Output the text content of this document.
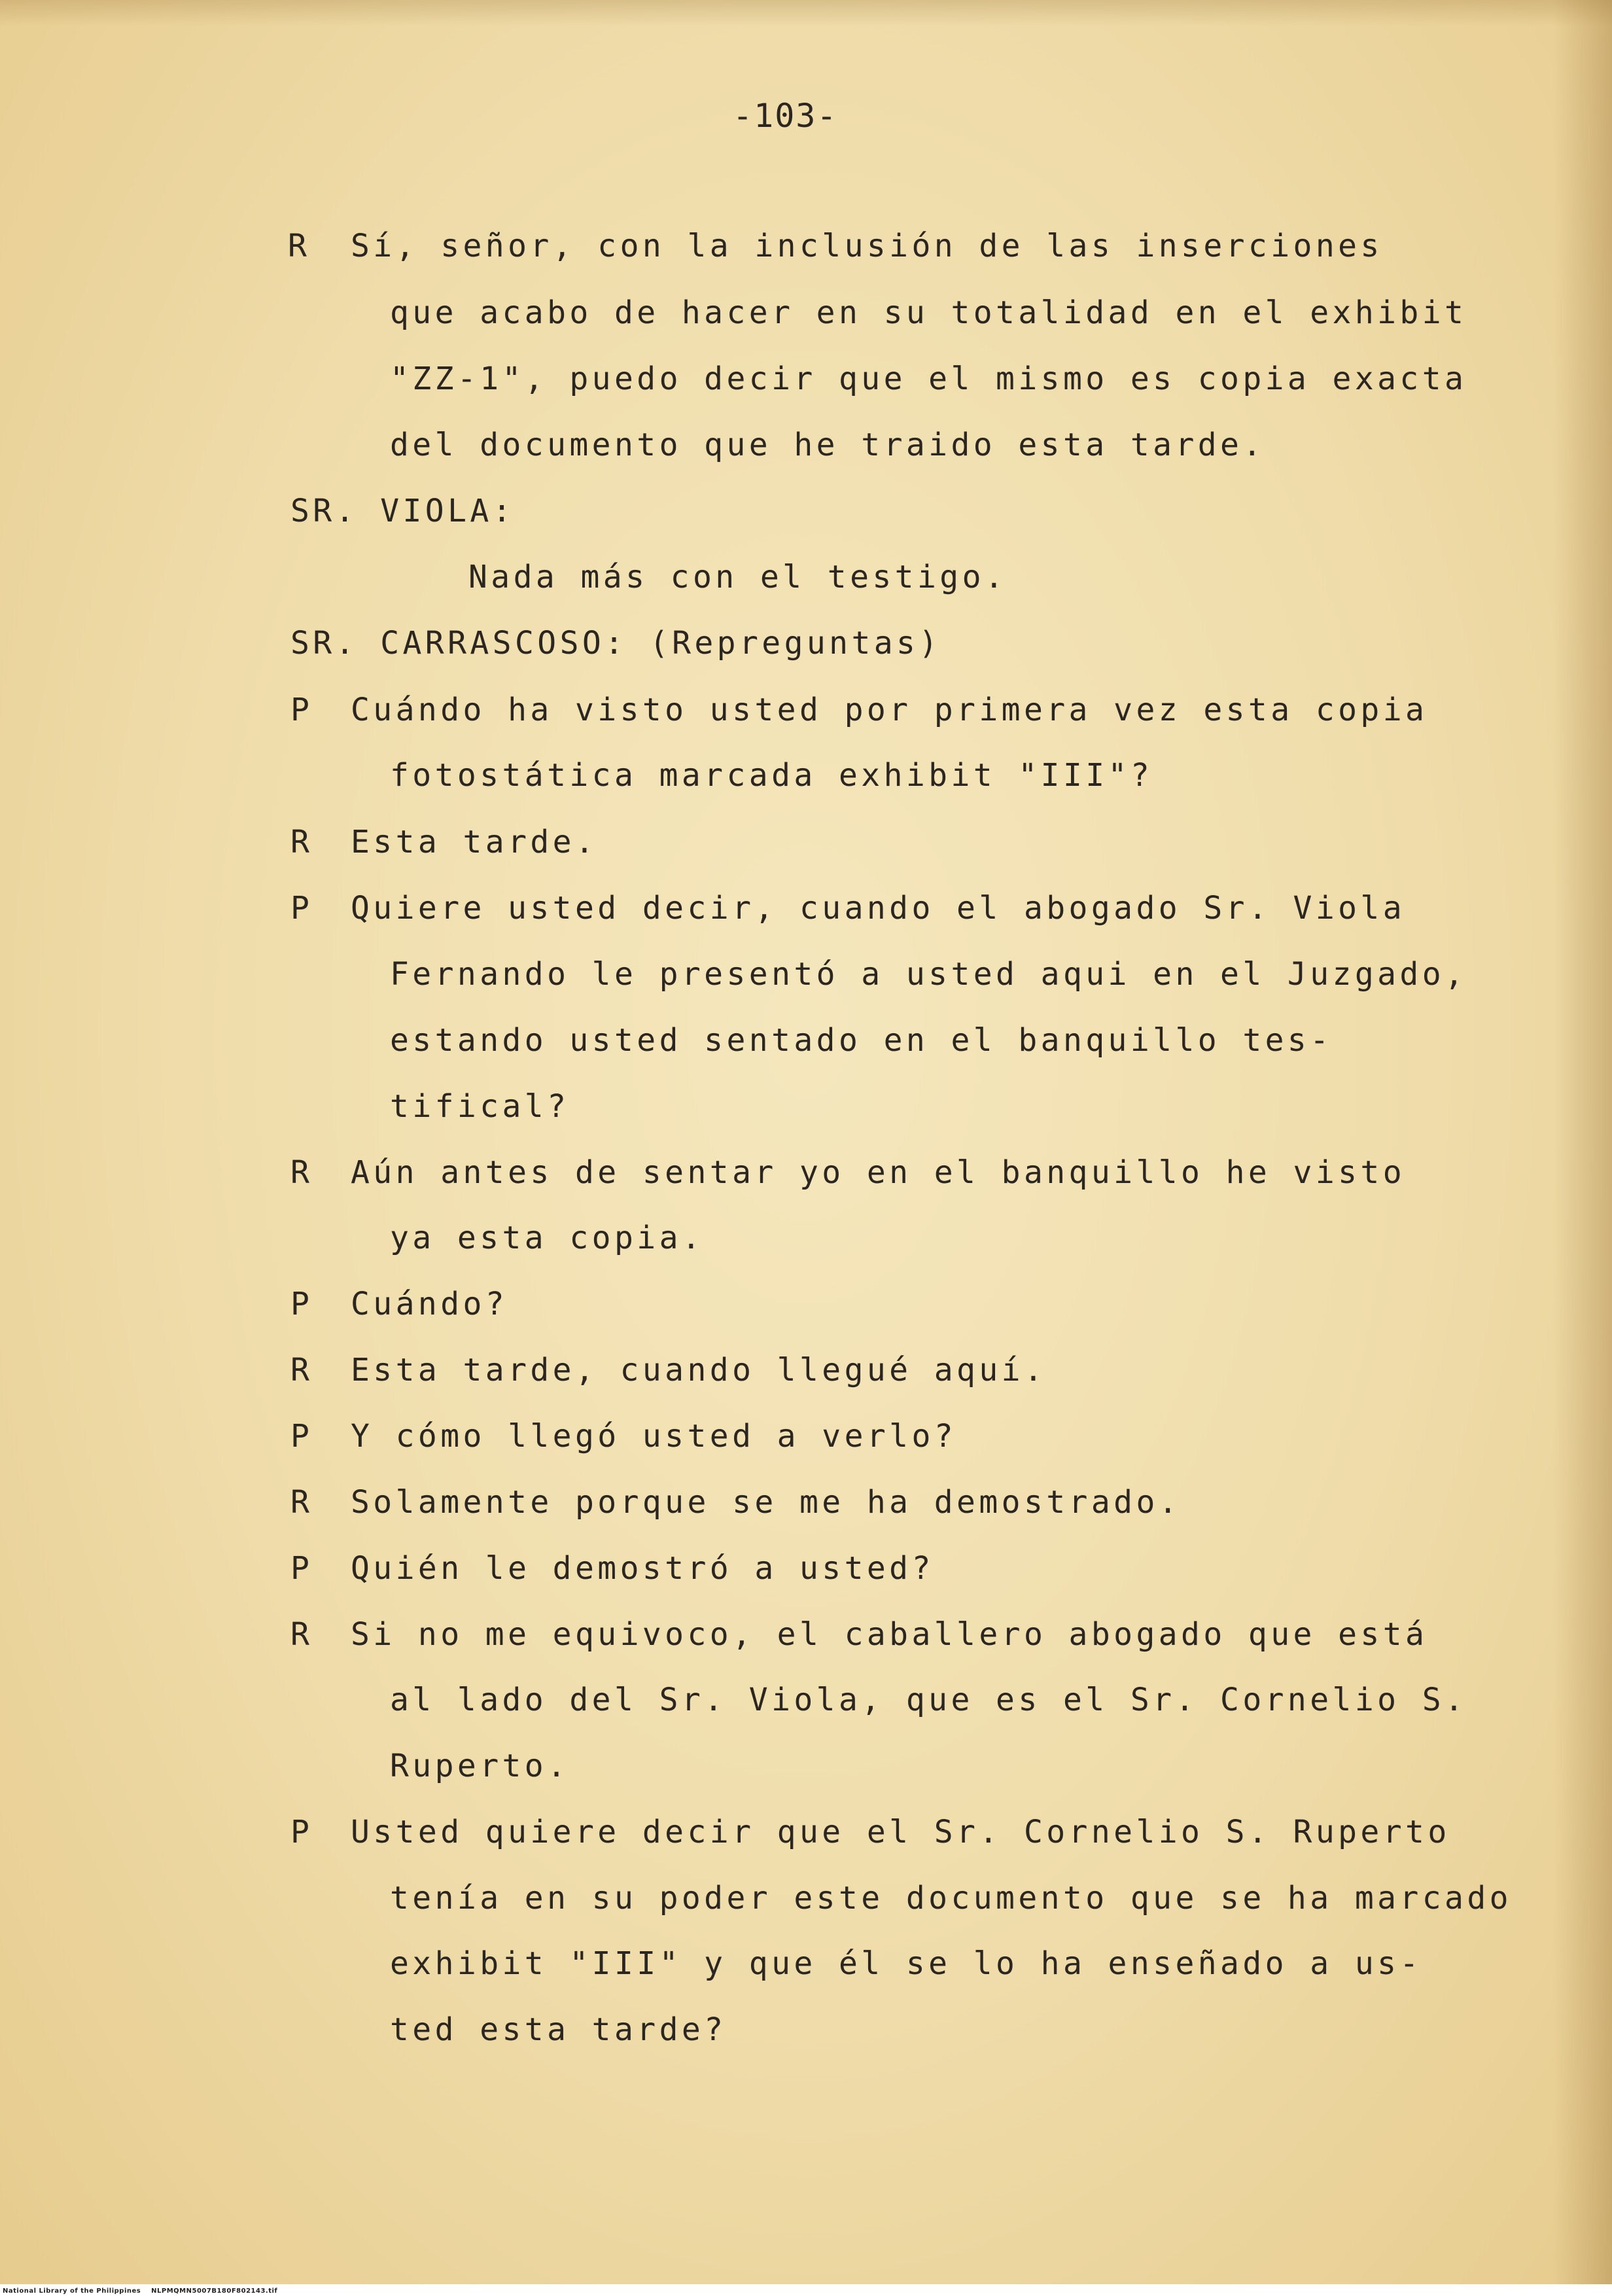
-103-
R Sí, señor, con la inclusión de las inserciones
que acabo de hacer en su totalidad en el exhibit
"ZZ-1", puedo decir que el mismo es copia exacta
del documento que he traido esta tarde.
SR. VIOLA:
Nada más con el testigo.
SR. CARRASCOSO: (Repreguntas)
P Cuándo ha visto usted por primera vez esta copia
fotostática marcada exhibit "III"?
R Esta tarde.
P Quiere usted decir, cuando el abogado Sr. Viola
Fernando le presentó a usted aqui en el Juzgado,
estando usted sentado en el banquillo tes-
tifical?
R Aún antes de sentar yo en el banquillo he visto
ya esta copia.
P Cuándo?
R Esta tarde, cuando llegué aquí.
P Y cómo llegó usted a verlo?
R Solamente porque se me ha demostrado.
P Quién le demostró a usted?
R Si no me equivoco, el caballero abogado que está
al lado del Sr. Viola, que es el Sr. Cornelio S.
Ruperto.
P Usted quiere decir que el Sr. Cornelio S. Ruperto
tenía en su poder este documento que se ha marcado
exhibit "III" y que él se lo ha enseñado a us-
ted esta tarde?
National Library of the Philippines    NLPMQMN5007B180F802143.tif
